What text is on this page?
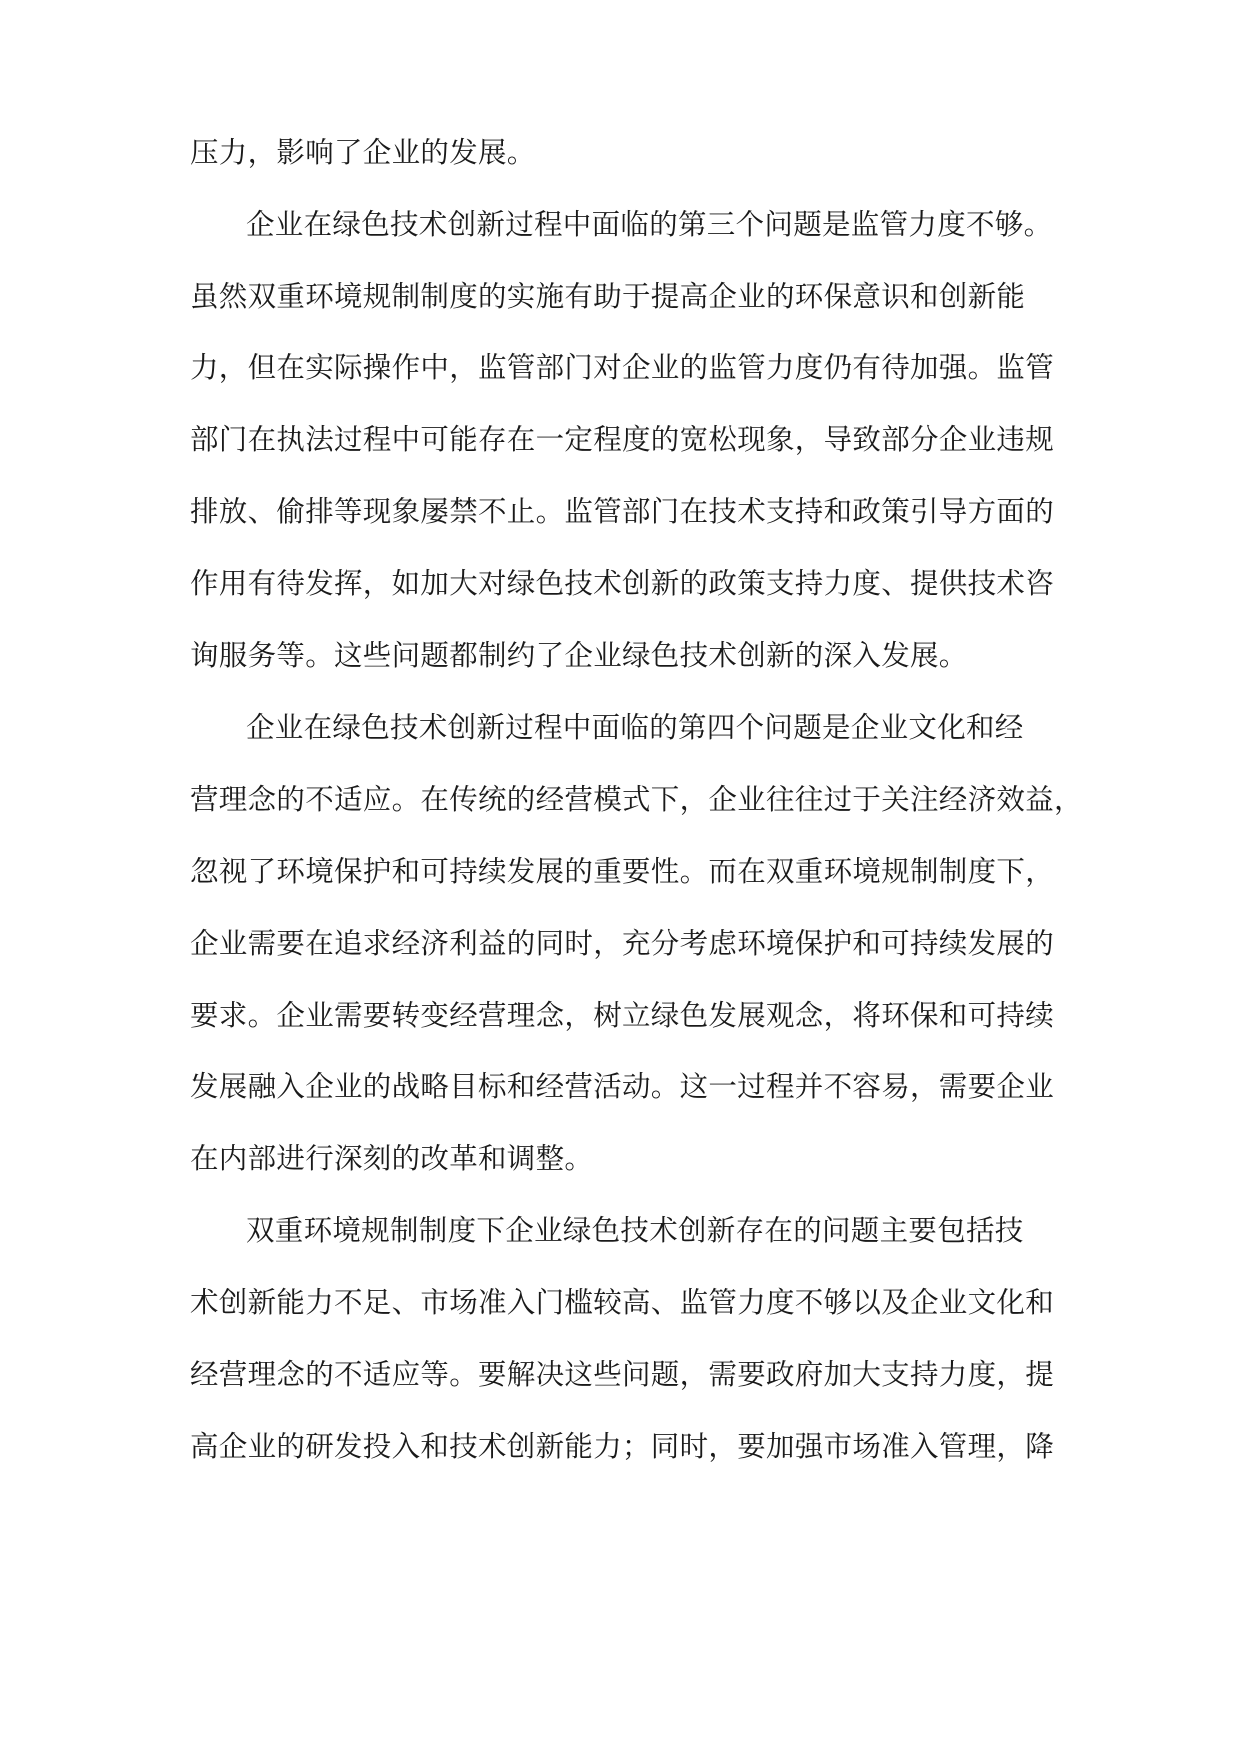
压力，影响了企业的发展。
企业在绿色技术创新过程中面临的第三个问题是监管力度不够。
虽然双重环境规制制度的实施有助于提高企业的环保意识和创新能
力，但在实际操作中，监管部门对企业的监管力度仍有待加强。监管
部门在执法过程中可能存在一定程度的宽松现象，导致部分企业违规
排放、偷排等现象屡禁不止。监管部门在技术支持和政策引导方面的
作用有待发挥，如加大对绿色技术创新的政策支持力度、提供技术咨
询服务等。这些问题都制约了企业绿色技术创新的深入发展。
企业在绿色技术创新过程中面临的第四个问题是企业文化和经
营理念的不适应。在传统的经营模式下，企业往往过于关注经济效益，
忽视了环境保护和可持续发展的重要性。而在双重环境规制制度下，
企业需要在追求经济利益的同时，充分考虑环境保护和可持续发展的
要求。企业需要转变经营理念，树立绿色发展观念，将环保和可持续
发展融入企业的战略目标和经营活动。这一过程并不容易，需要企业
在内部进行深刻的改革和调整。
双重环境规制制度下企业绿色技术创新存在的问题主要包括技
术创新能力不足、市场准入门槛较高、监管力度不够以及企业文化和
经营理念的不适应等。要解决这些问题，需要政府加大支持力度，提
高企业的研发投入和技术创新能力；同时，要加强市场准入管理，降
